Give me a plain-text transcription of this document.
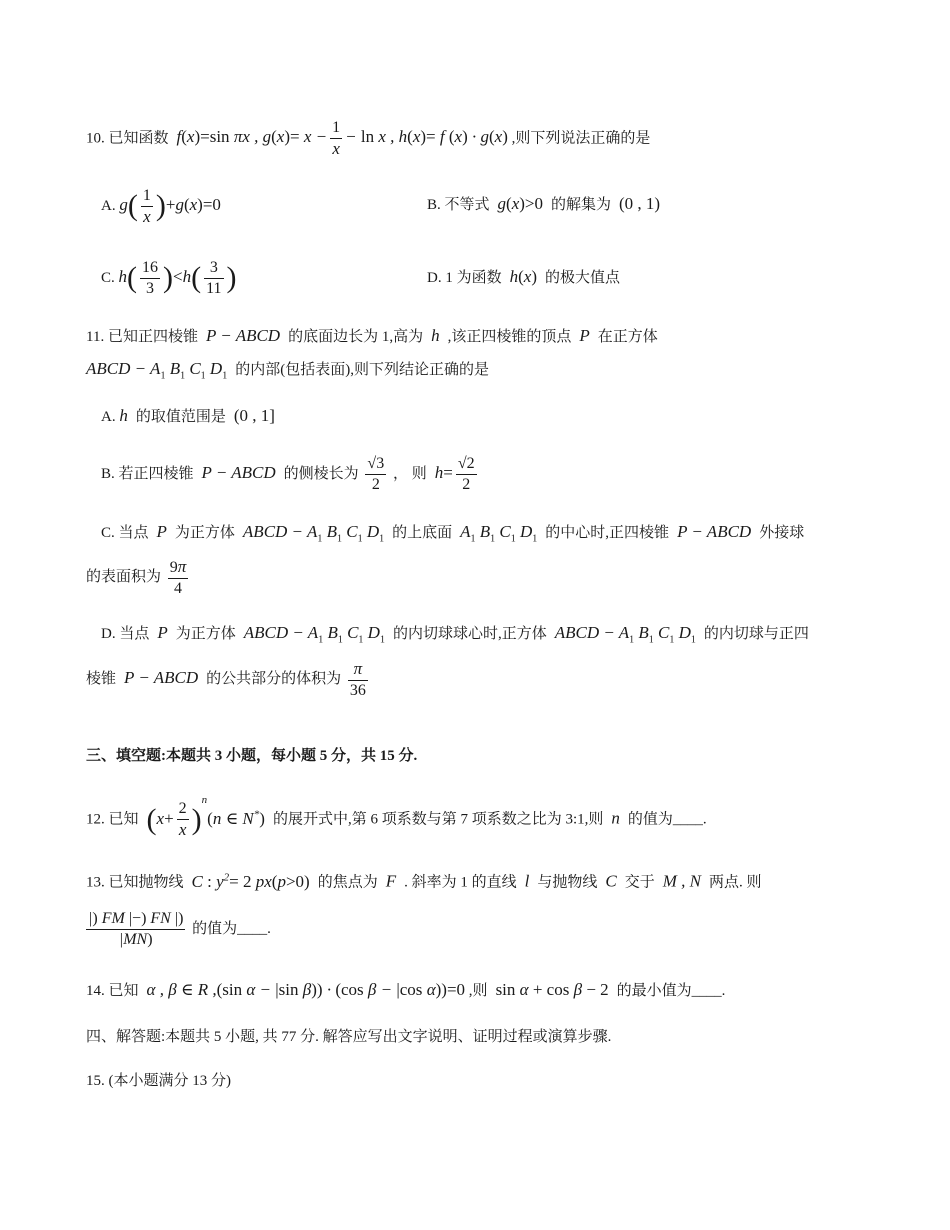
10. 已知函数  f(x)=sin πx , $g(x)= x - \frac{1}{x} - \ln x$ , h(x)= f (x) · g(x) ,则下列说法正确的是
A. $g( \frac{1}{x} )+g(x)=0$	B. 不等式  g(x)>0 的解集为  (0 , 1)
C. $h( \frac{16}{3} )<h( \frac{3}{11}$ )	D. 1 为函数  h(x) 的极大值点
11. 已知正四棱锥  P − ABCD  的底面边长为 1,高为  h  ,该正四棱锥的顶点  P  在正方体
ABCD − $A_1$ $B_1$ $C_1$ $D_1$ 的内部(包括表面),则下列结论正确的是
A. h  的取值范围是  (0 , 1]
B. 若正四棱锥  P − ABCD  的侧棱长为 $\frac{√3}{2}$ ， 则  $h= \frac{√2}{2}$
C. 当点  P  为正方体  ABCD − $A_1$ $B_1$ $C_1$ $D_1$ 的上底面  $A_1$ $B_1$ $C_1$ $D_1$ 的中心时,正四棱锥  P − ABCD  外接球
的表面积为 $\frac{9\pi}{4}$
D. 当点  P  为正方体  ABCD − $A_1$ $B_1$ $C_1$ $D_1$ 的内切球球心时,正方体  ABCD − $A_1$ $B_1$ $C_1$ $D_1$ 的内切球与正四
棱锥  P − ABCD  的公共部分的体积为 $\frac{\pi}{36}$
三、填空题:本题共 3 小题，每小题 5 分，共 15 分.
12. 已知 $(x+ \frac{2}{x} )^n(n$ ∈ N*) 的展开式中,第 6 项系数与第 7 项系数之比为 3:1,则  n  的值为____.
13. 已知抛物线  C : $y^2= 2$ px(p>0) 的焦点为  F  . 斜率为 1 的直线  l  与抛物线  C  交于  M , N  两点. 则
$\frac{|) FM |-) FN |)}{|MN)}$ 的值为____.
14. 已知  α , β ∈ R ,(sin α − |sin β)) · (cos β − |cos α))=0 ,则 sin α + cos β − 2 的最小值为____.
四、解答题:本题共 5 小题, 共 77 分. 解答应写出文字说明、证明过程或演算步骤.
15. (本小题满分 13 分)
